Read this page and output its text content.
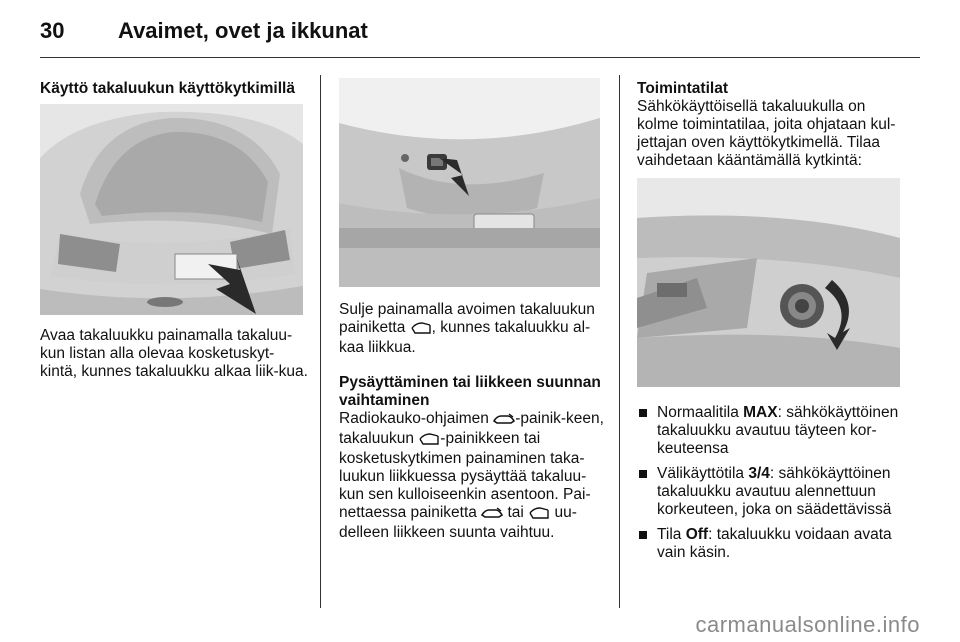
30 Avaimet, ovet ja ikkunat

Käyttö takaluukun käyttökytkimillä

Avaa takaluukku painamalla takaluu-kun listan alla olevaa kosketuskyt-kintä, kunnes takaluukku alkaa liik-kua.

Sulje painamalla avoimen takaluukun painiketta , kunnes takaluukku al-kaa liikkua.

Pysäyttäminen tai liikkeen suunnan vaihtaminen

Radiokauko-ohjaimen -painik-keen, takaluukun -painikkeen tai kosketuskytkimen painaminen taka-luukun liikkuessa pysäyttää takaluu-kun sen kulloiseenkin asentoon. Pai-nettaessa painiketta  tai  uu-delleen liikkeen suunta vaihtuu.

Toimintatilat

Sähkökäyttöisellä takaluukulla on kolme toimintatilaa, joita ohjataan kul-jettajan oven käyttökytkimellä. Tilaa vaihdetaan kääntämällä kytkintä:

Normaalitila MAX: sähkökäyttöinen takaluukku avautuu täyteen kor-keuteensa
Välikäyttötila 3/4: sähkökäyttöinen takaluukku avautuu alennettuun korkeuteen, joka on säädettävissä
Tila Off: takaluukku voidaan avata vain käsin.
carmanualsonline.info
